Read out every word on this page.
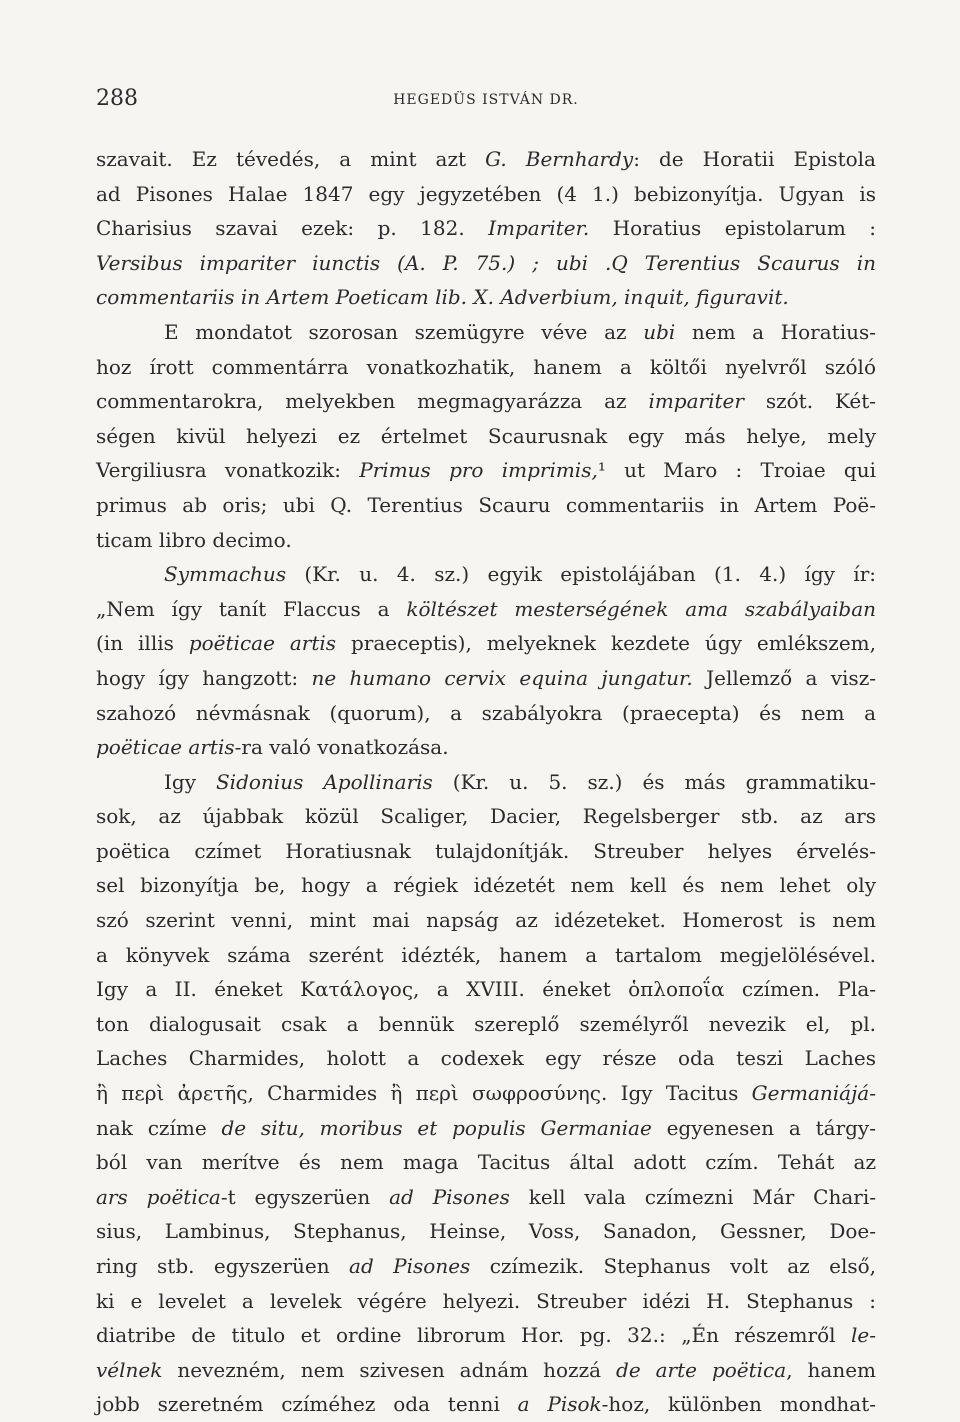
288	HEGEDÜS ISTVÁN DR.
szavait. Ez tévedés, a mint azt G. Bernhardy: de Horatii Epistola
ad Pisones Halae 1847 egy jegyzetében (4 1.) bebizonyítja. Ugyan is
Charisius szavai ezek: p. 182. Impariter. Horatius epistolarum :
Versibus impariter iunctis (A. P. 75.) ; ubi .Q Terentius Scaurus in
commentariis in Artem Poeticam lib. X. Adverbium, inquit, figuravit.
E mondatot szorosan szemügyre véve az ubi nem a Horatius-
hoz írott commentárra vonatkozhatik, hanem a költői nyelvről szóló
commentarokra, melyekben megmagyarázza az impariter szót. Két-
ségen kivül helyezi ez értelmet Scaurusnak egy más helye, mely
Vergiliusra vonatkozik: Primus pro imprimis,¹ ut Maro : Troiae qui
primus ab oris; ubi Q. Terentius Scauru commentariis in Artem Poë-
ticam libro decimo.
Symmachus (Kr. u. 4. sz.) egyik epistolájában (1. 4.) így ír:
„Nem így tanít Flaccus a költészet mesterségének ama szabályaiban
(in illis poëticae artis praeceptis), melyeknek kezdete úgy emlékszem,
hogy így hangzott: ne humano cervix equina jungatur. Jellemző a visz-
szahozó névmásnak (quorum), a szabályokra (praecepta) és nem a
poëticae artis-ra való vonatkozása.
Igy Sidonius Apollinaris (Kr. u. 5. sz.) és más grammatiku-
sok, az újabbak közül Scaliger, Dacier, Regelsberger stb. az ars
poëtica czímet Horatiusnak tulajdonítják. Streuber helyes érvelés-
sel bizonyítja be, hogy a régiek idézetét nem kell és nem lehet oly
szó szerint venni, mint mai napság az idézeteket. Homerost is nem
a könyvek száma szerént idézték, hanem a tartalom megjelölésével.
Igy a II. éneket Κατάλογος, a XVIII. éneket ὁπλοποΐα czímen. Pla-
ton dialogusait csak a bennük szereplő személyről nevezik el, pl.
Laches Charmides, holott a codexek egy része oda teszi Laches
ἢ περὶ ἀρετῆς, Charmides ἢ περὶ σωφροσύνης. Igy Tacitus Germaniájá-
nak czíme de situ, moribus et populis Germaniae egyenesen a tárgy-
ból van merítve és nem maga Tacitus által adott czím. Tehát az
ars poëtica-t egyszerüen ad Pisones kell vala czímezni Már Chari-
sius, Lambinus, Stephanus, Heinse, Voss, Sanadon, Gessner, Doe-
ring stb. egyszerüen ad Pisones czímezik. Stephanus volt az első,
ki e levelet a levelek végére helyezi. Streuber idézi H. Stephanus :
diatribe de titulo et ordine librorum Hor. pg. 32.: „Én részemről le-
vélnek nevezném, nem szivesen adnám hozzá de arte poëtica, hanem
jobb szeretném czíméhez oda tenni a Pisok-hoz, különben mondhat-
